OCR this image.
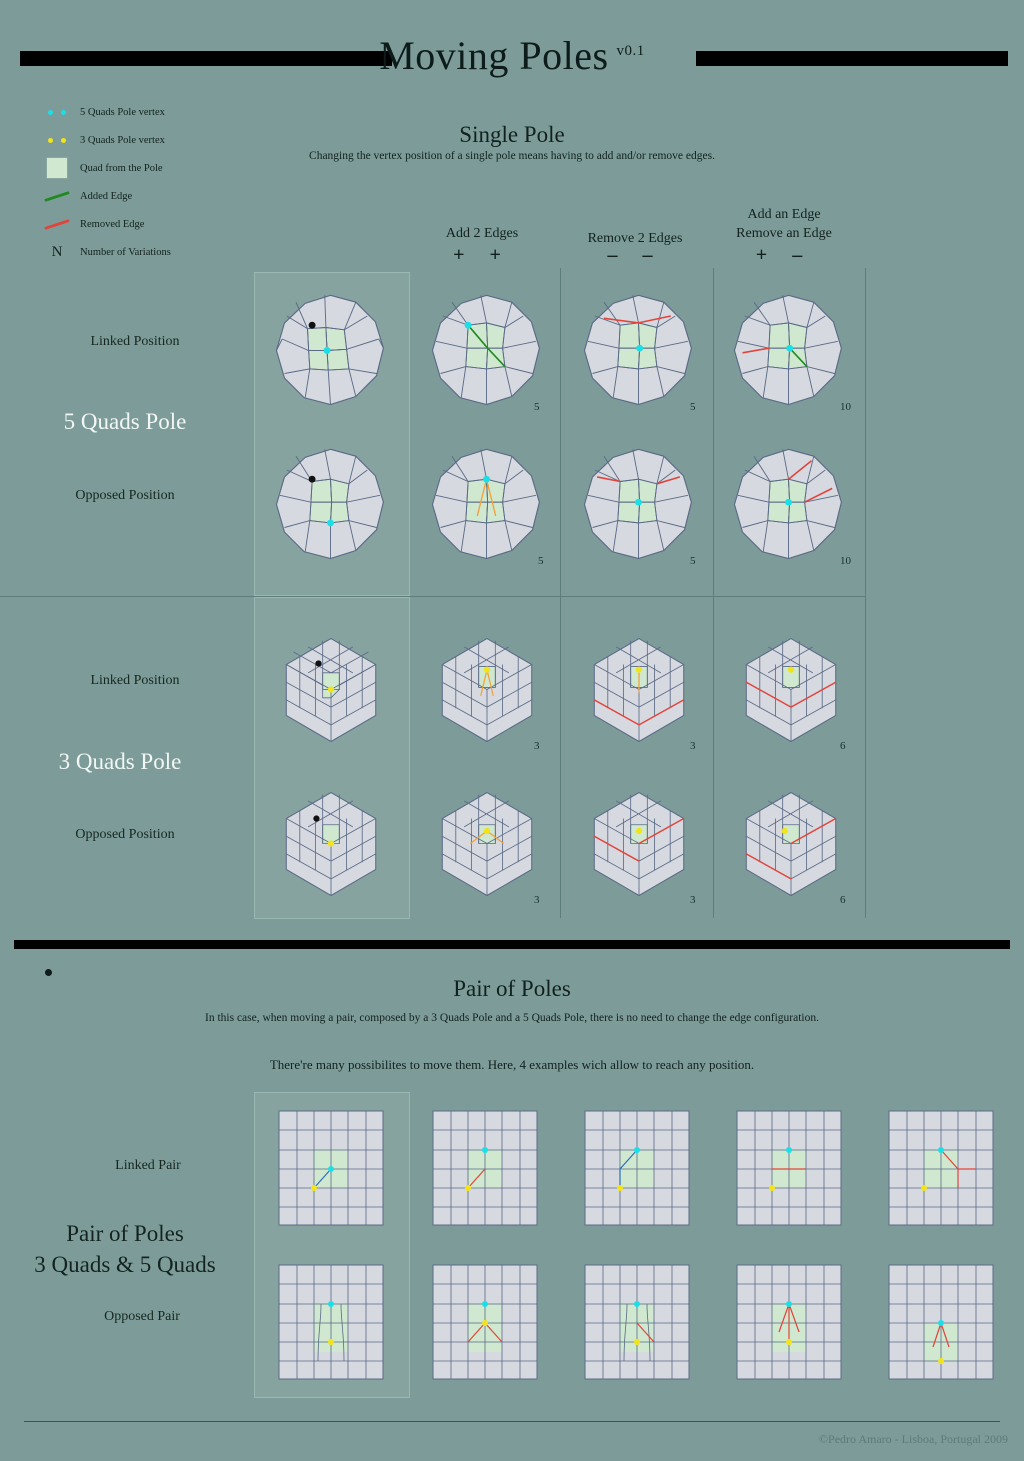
Moving Poles $^{v0.1}$
5 Quads Pole vertex
3 Quads Pole vertex
Quad from the Pole
Added Edge
Removed Edge
N	Number of Variations
Single Pole
Changing the vertex position of a single pole means having to add and/or remove edges.
Add 2 Edges
+ +
Remove 2 Edges
– –
Add an Edge
Remove an Edge
+ –
Linked Position
5 Quads Pole
Opposed Position
Linked Position
3 Quads Pole
Opposed Position
5	5	10
5	5	10
3	3	6
3	3	6
Pair of Poles
In this case, when moving a pair, composed by a 3 Quads Pole and a 5 Quads Pole, there is no need to change the edge configuration.
There're many possibilites to move them. Here, 4 examples wich allow to reach any position.
Linked Pair
Pair of Poles
3 Quads & 5 Quads
Opposed Pair
©Pedro Amaro - Lisboa, Portugal 2009
